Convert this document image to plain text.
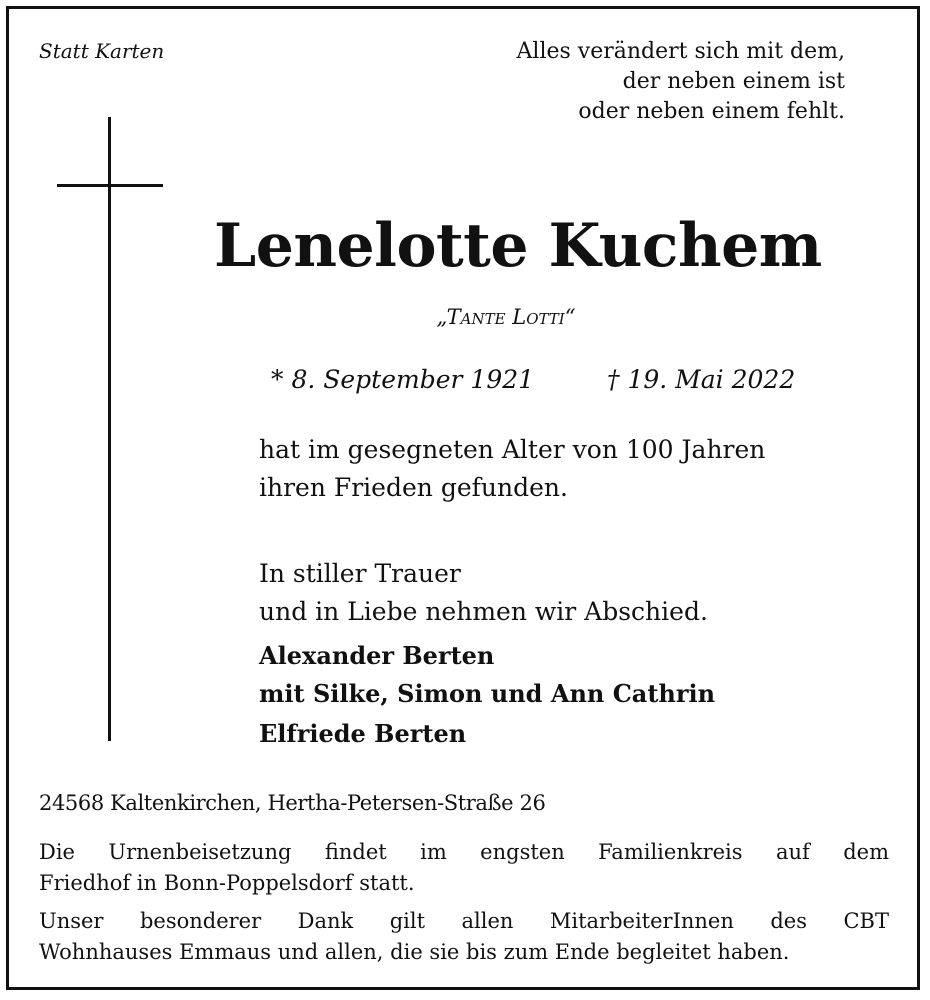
Statt Karten	Alles verändert sich mit dem,
der neben einem ist
oder neben einem fehlt.
Lenelotte Kuchem
„Tante Lotti“
* 8. September 1921	† 19. Mai 2022
hat im gesegneten Alter von 100 Jahren
ihren Frieden gefunden.
In stiller Trauer
und in Liebe nehmen wir Abschied.
Alexander Berten
mit Silke, Simon und Ann Cathrin
Elfriede Berten
24568 Kaltenkirchen, Hertha-Petersen-Straße 26
Die Urnenbeisetzung findet im engsten Familienkreis auf dem
Friedhof in Bonn-Poppelsdorf statt.
Unser besonderer Dank gilt allen MitarbeiterInnen des CBT
Wohnhauses Emmaus und allen, die sie bis zum Ende begleitet haben.
